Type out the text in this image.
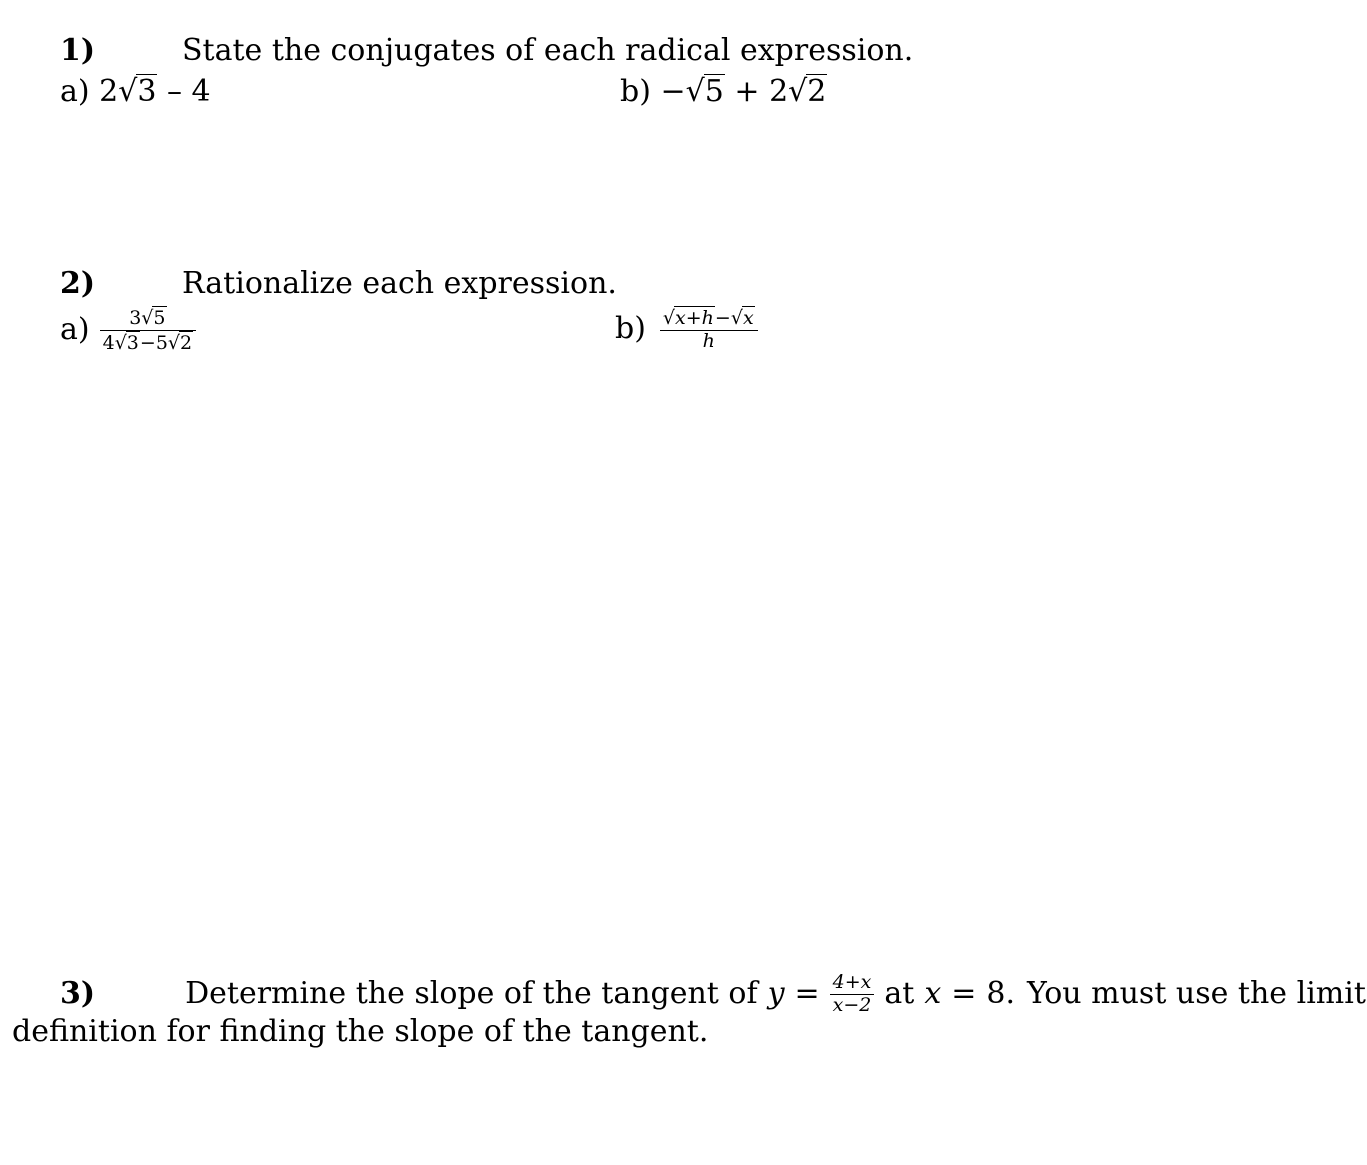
1)	State the conjugates of each radical expression.
a) 2√3 – 4	b) −√5 + 2√2
2)	Rationalize each expression.
$a) \frac{3√5}{4√3-5√2}$	$b) \frac{√x+h-√x}{h}$
3)	Determine the slope of the tangent of $y = \frac{4+x}{x-2}$ at x = 8. You must use the limit
definition for finding the slope of the tangent.
